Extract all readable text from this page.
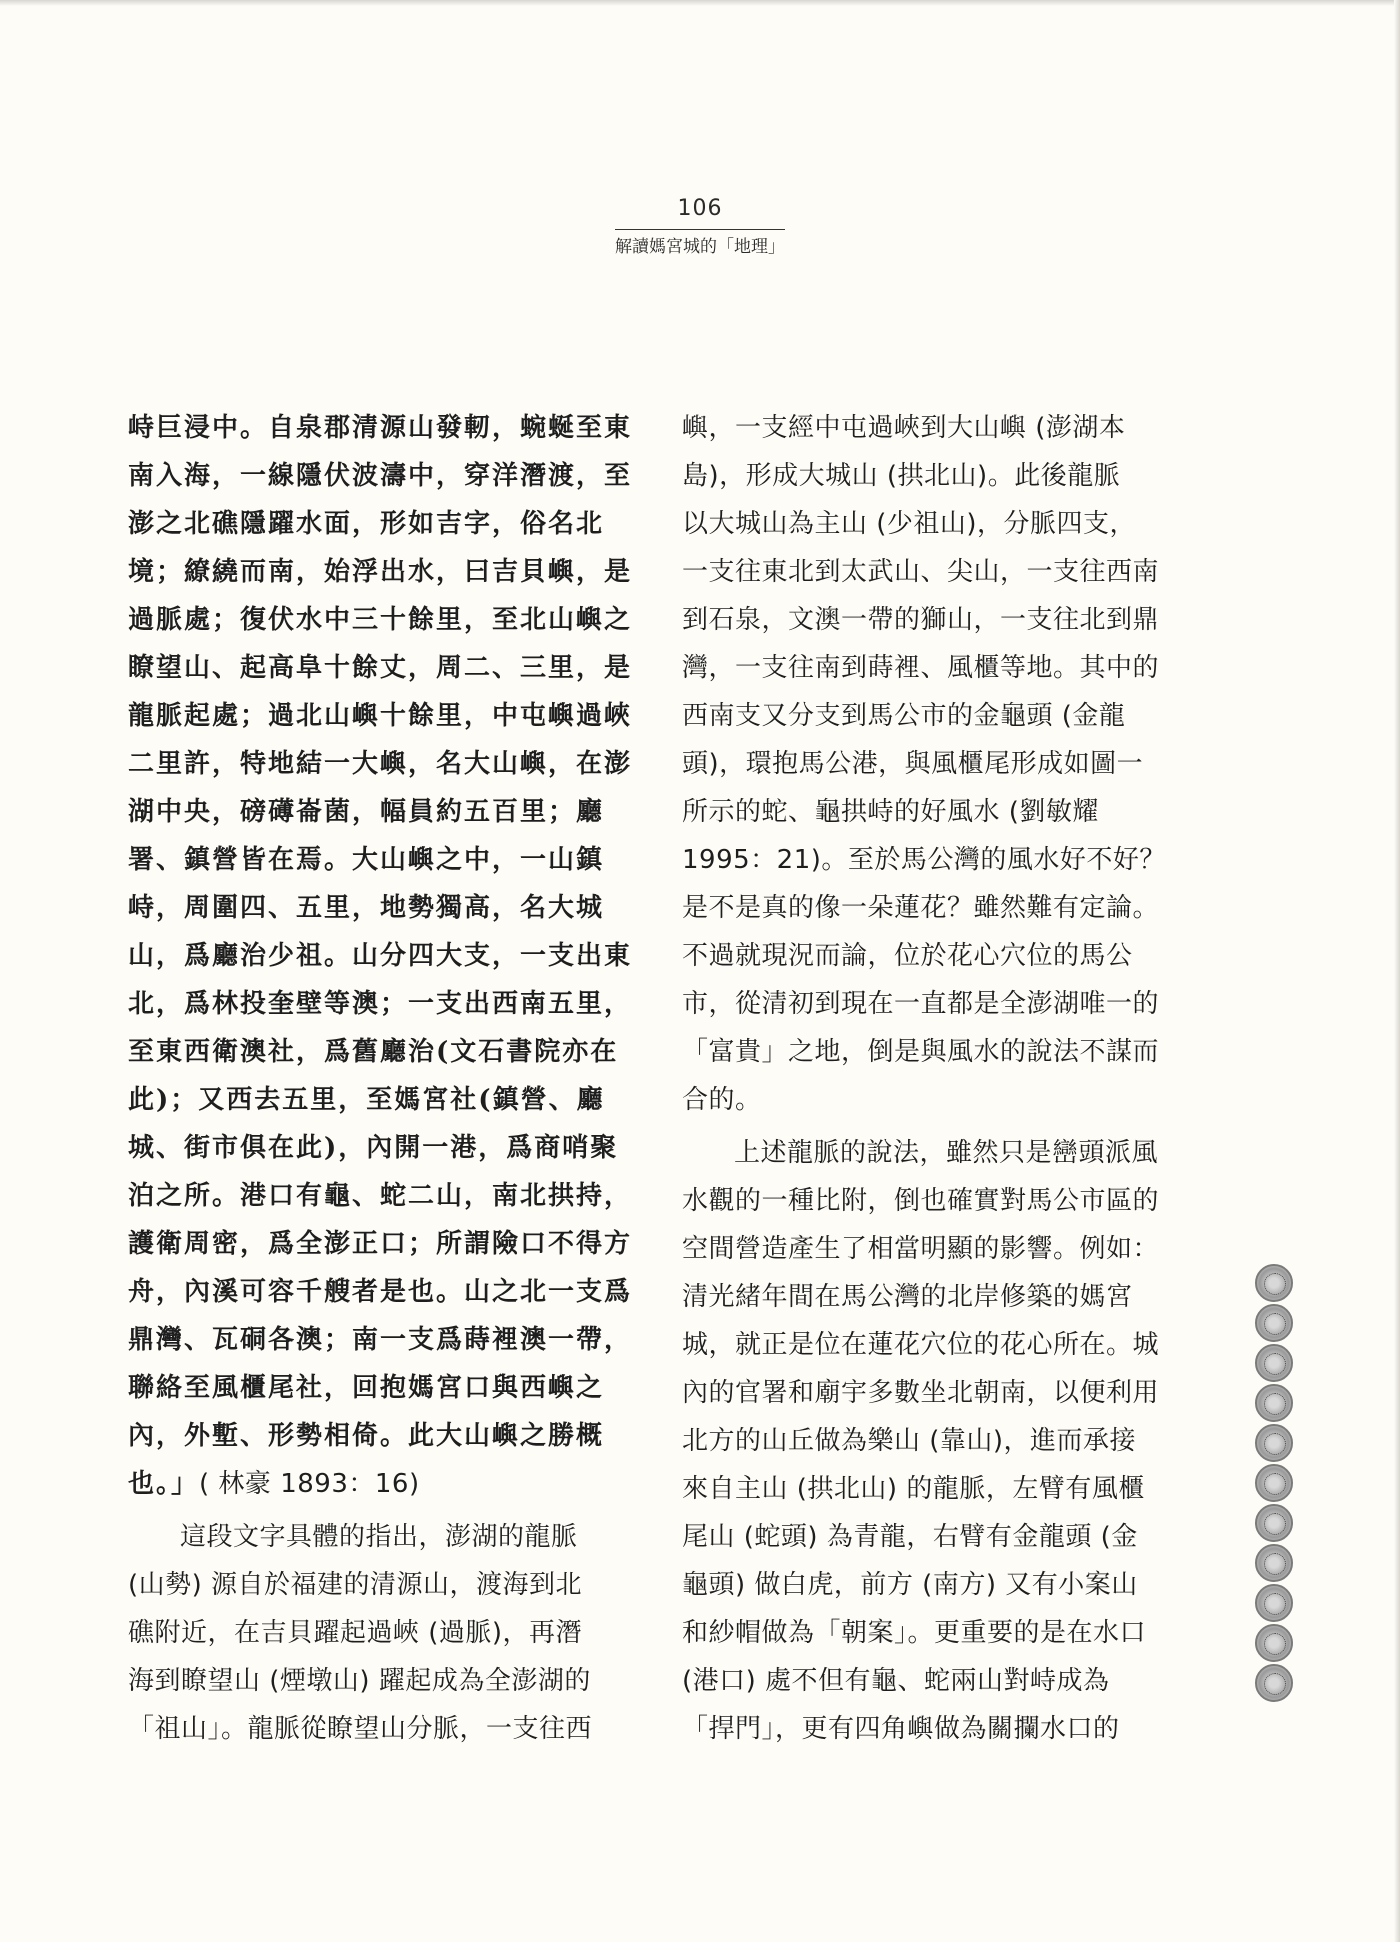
106
解讀媽宮城的「地理」
峙巨浸中。自泉郡清源山發軔，蜿蜒至東
南入海，一線隱伏波濤中，穿洋潛渡，至
澎之北礁隱躍水面，形如吉字，俗名北
境；繚繞而南，始浮出水，曰吉貝嶼，是
過脈處；復伏水中三十餘里，至北山嶼之
瞭望山、起高阜十餘丈，周二、三里，是
龍脈起處；過北山嶼十餘里，中屯嶼過峽
二里許，特地結一大嶼，名大山嶼，在澎
湖中央，磅礡崙菌，幅員約五百里；廳
署、鎮營皆在焉。大山嶼之中，一山鎮
峙，周圍四、五里，地勢獨高，名大城
山，爲廳治少祖。山分四大支，一支出東
北，爲林投奎壁等澳；一支出西南五里，
至東西衛澳社，爲舊廳治(文石書院亦在
此)；又西去五里，至媽宮社(鎮營、廳
城、街市俱在此)，內開一港，爲商哨聚
泊之所。港口有龜、蛇二山，南北拱持，
護衛周密，爲全澎正口；所謂險口不得方
舟，內溪可容千艘者是也。山之北一支爲
鼎灣、瓦硐各澳；南一支爲蒔裡澳一帶，
聯絡至風櫃尾社，回抱媽宮口與西嶼之
內，外塹、形勢相倚。此大山嶼之勝概
也。」( 林豪 1893：16)
這段文字具體的指出，澎湖的龍脈
(山勢) 源自於福建的清源山，渡海到北
礁附近，在吉貝躍起過峽 (過脈)，再潛
海到瞭望山 (煙墩山) 躍起成為全澎湖的
「祖山」。龍脈從瞭望山分脈，一支往西
嶼，一支經中屯過峽到大山嶼 (澎湖本
島)，形成大城山 (拱北山)。此後龍脈
以大城山為主山 (少祖山)，分脈四支，
一支往東北到太武山、尖山，一支往西南
到石泉，文澳一帶的獅山，一支往北到鼎
灣，一支往南到蒔裡、風櫃等地。其中的
西南支又分支到馬公市的金龜頭 (金龍
頭)，環抱馬公港，與風櫃尾形成如圖一
所示的蛇、龜拱峙的好風水 (劉敏耀
1995：21)。至於馬公灣的風水好不好？
是不是真的像一朵蓮花？雖然難有定論。
不過就現況而論，位於花心穴位的馬公
市，從清初到現在一直都是全澎湖唯一的
「富貴」之地，倒是與風水的說法不謀而
合的。
上述龍脈的說法，雖然只是巒頭派風
水觀的一種比附，倒也確實對馬公市區的
空間營造產生了相當明顯的影響。例如：
清光緒年間在馬公灣的北岸修築的媽宮
城，就正是位在蓮花穴位的花心所在。城
內的官署和廟宇多數坐北朝南，以便利用
北方的山丘做為樂山 (靠山)，進而承接
來自主山 (拱北山) 的龍脈，左臂有風櫃
尾山 (蛇頭) 為青龍，右臂有金龍頭 (金
龜頭) 做白虎，前方 (南方) 又有小案山
和紗帽做為「朝案」。更重要的是在水口
(港口) 處不但有龜、蛇兩山對峙成為
「捍門」，更有四角嶼做為關攔水口的
